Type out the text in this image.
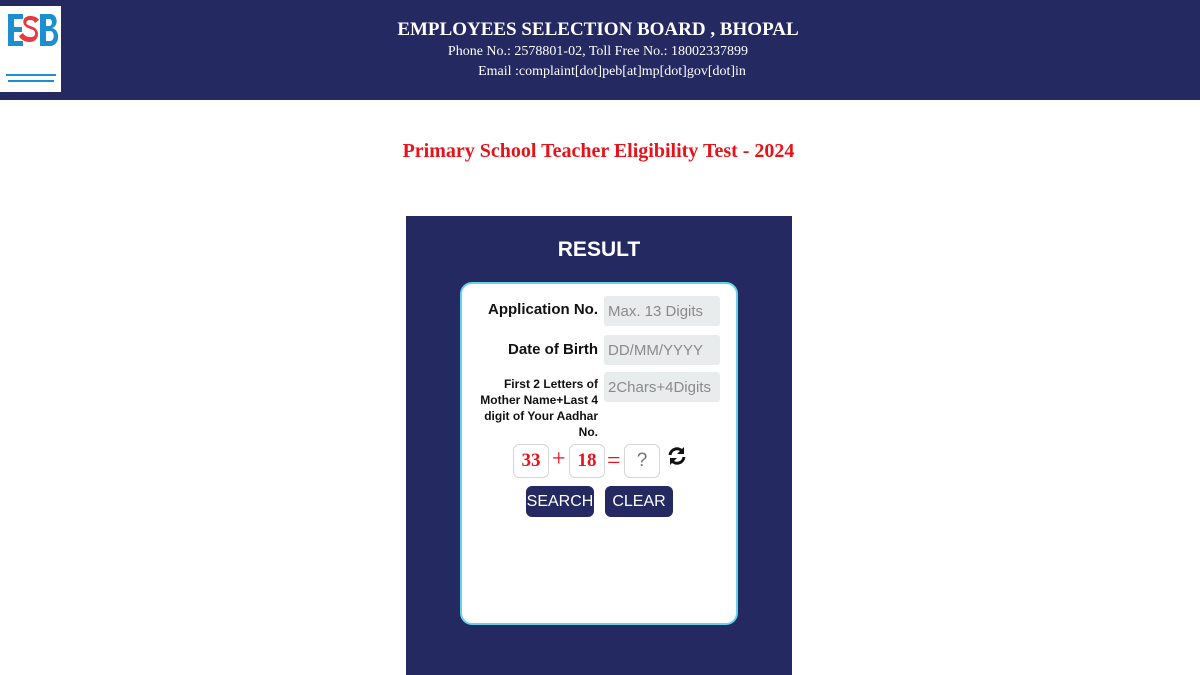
EMPLOYEES SELECTION BOARD , BHOPAL
Phone No.: 2578801-02, Toll Free No.: 18002337899
Email :complaint[dot]peb[at]mp[dot]gov[dot]in
Primary School Teacher Eligibility Test - 2024
RESULT
Application No.
Max. 13 Digits
Date of Birth
DD/MM/YYYY
First 2 Letters of Mother Name+Last 4 digit of Your Aadhar No.
2Chars+4Digits
33 + 18 =
?
SEARCH	CLEAR
